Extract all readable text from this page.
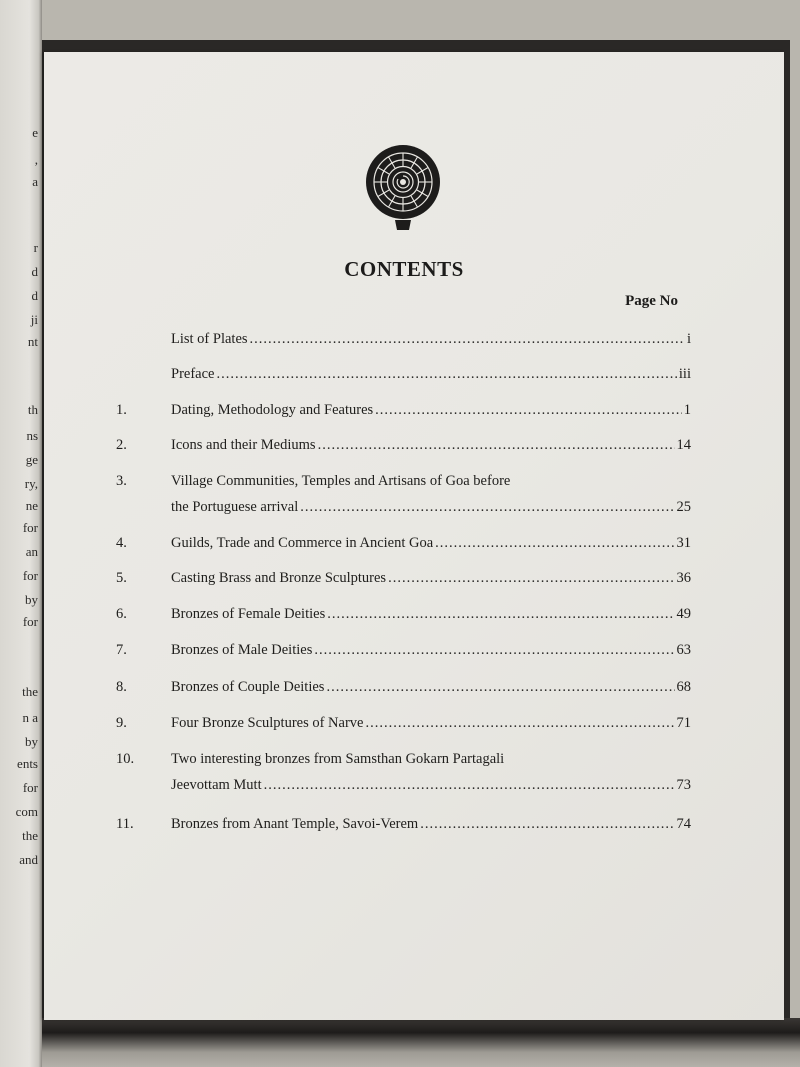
e
,
a
r
d
d
ji
nt
th
ns
ge
ry,
ne
for
an
for
by
for
the
n a
by
ents
for
com
the
and
CONTENTS
Page No
List of Plates .....	i
Preface .....	iii
1.	Dating, Methodology and Features .....	1
2.	Icons and their Mediums .....	14
3.	Village Communities, Temples and Artisans of Goa before
the Portuguese arrival .....	25
4.	Guilds, Trade and Commerce in Ancient Goa .....	31
5.	Casting Brass and Bronze Sculptures .....	36
6.	Bronzes of Female Deities .....	49
7.	Bronzes of Male Deities .....	63
8.	Bronzes of Couple Deities .....	68
9.	Four Bronze Sculptures of Narve .....	71
10.	Two interesting bronzes from Samsthan Gokarn Partagali
Jeevottam Mutt .....	73
11.	Bronzes from Anant Temple, Savoi-Verem .....	74
